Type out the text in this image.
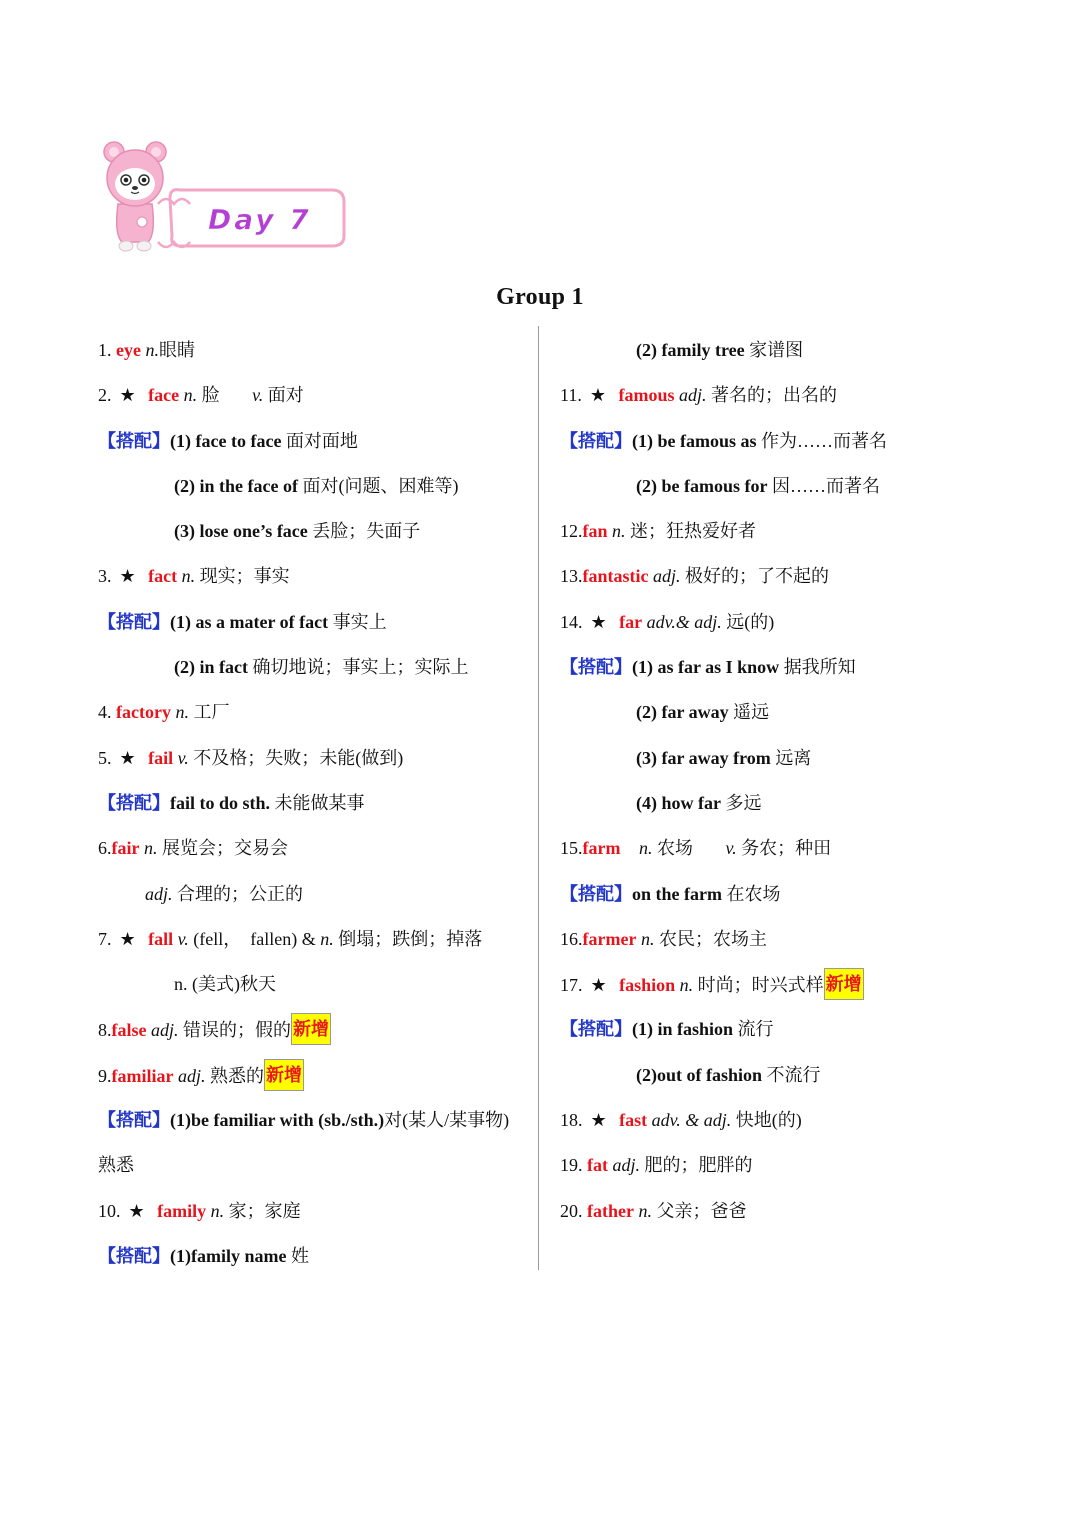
Day 7
Group 1
1. eye n.眼睛
2. ★ face n. 脸 v. 面对
【搭配】(1) face to face 面对面地
(2) in the face of 面对(问题、困难等)
(3) lose one’s face 丢脸；失面子
3. ★ fact n. 现实；事实
【搭配】(1) as a mater of fact 事实上
(2) in fact 确切地说；事实上；实际上
4. factory n. 工厂
5. ★ fail v. 不及格；失败；未能(做到)
【搭配】fail to do sth. 未能做某事
6.fair n. 展览会；交易会
adj. 合理的；公正的
7. ★ fall v. (fell，　fallen) & n. 倒塌；跌倒；掉落
n. (美式)秋天
8.false adj. 错误的；假的 新增
9.familiar adj. 熟悉的 新增
【搭配】(1)be familiar with (sb./sth.)对(某人/某事物)
熟悉
10. ★ family n. 家；家庭
【搭配】(1)family name 姓
(2) family tree 家谱图
11. ★ famous adj. 著名的；出名的
【搭配】(1) be famous as 作为……而著名
(2) be famous for 因……而著名
12.fan n. 迷；狂热爱好者
13.fantastic adj. 极好的；了不起的
14. ★ far adv.& adj. 远(的)
【搭配】(1) as far as I know 据我所知
(2) far away 遥远
(3) far away from 远离
(4) how far 多远
15.farm n. 农场 v. 务农；种田
【搭配】on the farm 在农场
16.farmer n. 农民；农场主
17. ★ fashion n. 时尚；时兴式样 新增
【搭配】(1) in fashion 流行
(2)out of fashion 不流行
18. ★ fast adv. & adj. 快地(的)
19. fat adj. 肥的；肥胖的
20. father n. 父亲；爸爸
